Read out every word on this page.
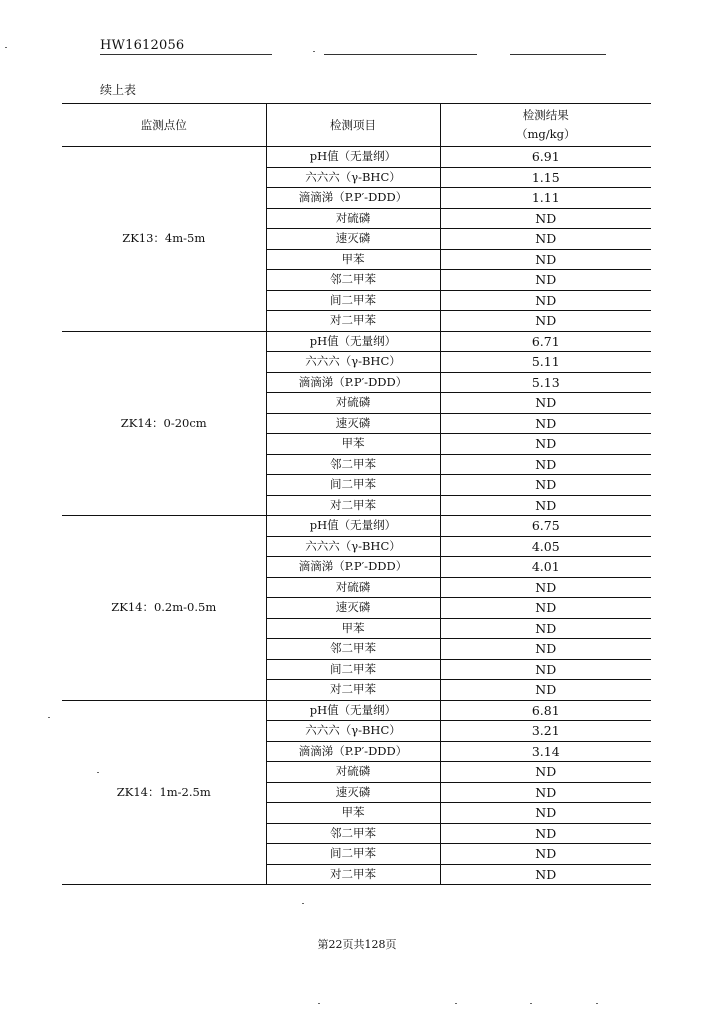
HW1612056
续上表
监测点位	检测项目	检测结果
（mg/kg）

ZK13：4m-5m	pH值（无量纲）	6.91
	六六六（γ-BHC）	1.15
	滴滴涕（P.P′-DDD）	1.11
	对硫磷	ND
	速灭磷	ND
	甲苯	ND
	邻二甲苯	ND
	间二甲苯	ND
	对二甲苯	ND
ZK14：0-20cm	pH值（无量纲）	6.71
	六六六（γ-BHC）	5.11
	滴滴涕（P.P′-DDD）	5.13
	对硫磷	ND
	速灭磷	ND
	甲苯	ND
	邻二甲苯	ND
	间二甲苯	ND
	对二甲苯	ND
ZK14：0.2m-0.5m	pH值（无量纲）	6.75
	六六六（γ-BHC）	4.05
	滴滴涕（P.P′-DDD）	4.01
	对硫磷	ND
	速灭磷	ND
	甲苯	ND
	邻二甲苯	ND
	间二甲苯	ND
	对二甲苯	ND
ZK14：1m-2.5m	pH值（无量纲）	6.81
	六六六（γ-BHC）	3.21
	滴滴涕（P.P′-DDD）	3.14
	对硫磷	ND
	速灭磷	ND
	甲苯	ND
	邻二甲苯	ND
	间二甲苯	ND
	对二甲苯	ND
第22页共128页
